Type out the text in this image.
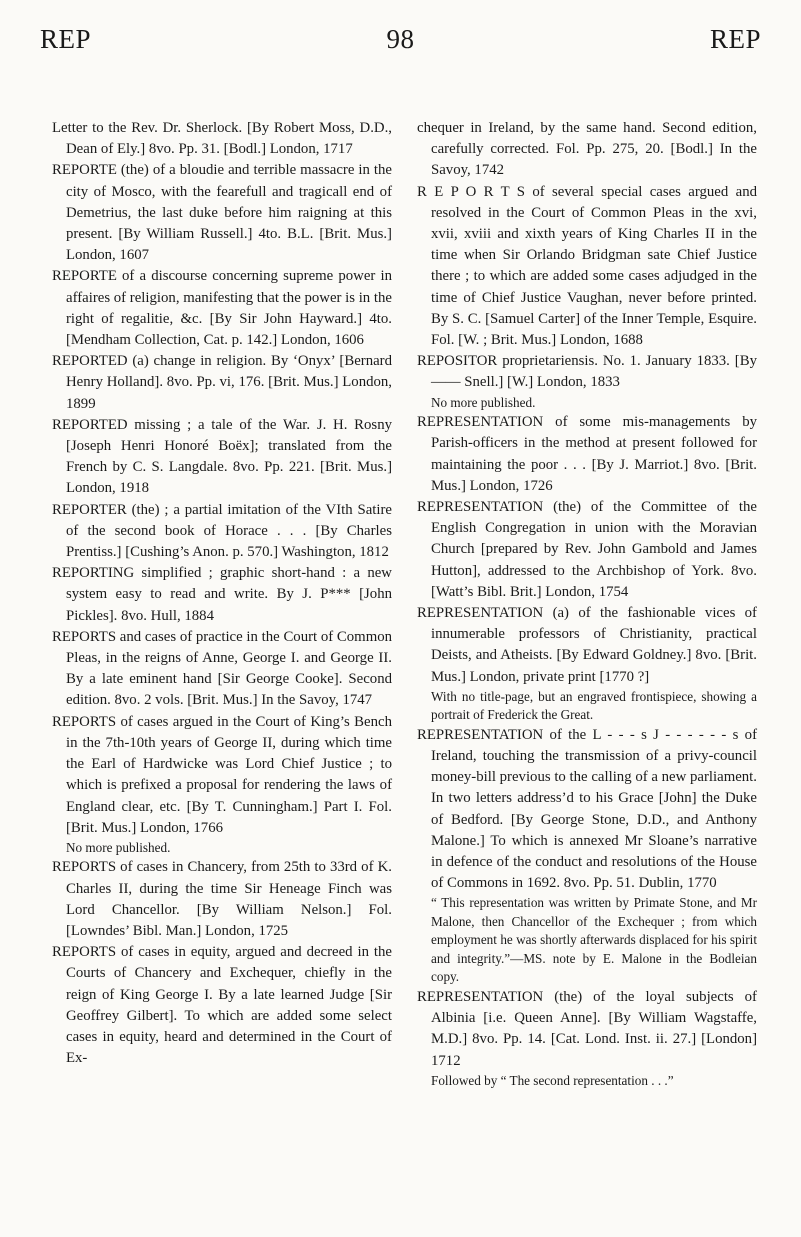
REP	98	REP

Letter to the Rev. Dr. Sherlock. [By Robert Moss, D.D., Dean of Ely.] 8vo. Pp. 31. [Bodl.] London, 1717

REPORTE (the) of a bloudie and terrible massacre in the city of Mosco, with the fearefull and tragicall end of Demetrius, the last duke before him raigning at this present. [By William Russell.] 4to. B.L. [Brit. Mus.] London, 1607

REPORTE of a discourse concerning supreme power in affaires of religion, manifesting that the power is in the right of regalitie, &c. [By Sir John Hayward.] 4to. [Mendham Collection, Cat. p. 142.] London, 1606

REPORTED (a) change in religion. By ‘Onyx’ [Bernard Henry Holland]. 8vo. Pp. vi, 176. [Brit. Mus.] London, 1899

REPORTED missing ; a tale of the War. J. H. Rosny [Joseph Henri Honoré Boëx]; translated from the French by C. S. Langdale. 8vo. Pp. 221. [Brit. Mus.] London, 1918

REPORTER (the) ; a partial imitation of the VIth Satire of the second book of Horace . . . [By Charles Prentiss.] [Cushing’s Anon. p. 570.] Washington, 1812

REPORTING simplified ; graphic short-hand : a new system easy to read and write. By J. P*** [John Pickles]. 8vo. Hull, 1884

REPORTS and cases of practice in the Court of Common Pleas, in the reigns of Anne, George I. and George II. By a late eminent hand [Sir George Cooke]. Second edition. 8vo. 2 vols. [Brit. Mus.] In the Savoy, 1747

REPORTS of cases argued in the Court of King’s Bench in the 7th-10th years of George II, during which time the Earl of Hardwicke was Lord Chief Justice ; to which is prefixed a proposal for rendering the laws of England clear, etc. [By T. Cunningham.] Part I. Fol. [Brit. Mus.] London, 1766

No more published.

REPORTS of cases in Chancery, from 25th to 33rd of K. Charles II, during the time Sir Heneage Finch was Lord Chancellor. [By William Nelson.] Fol. [Lowndes’ Bibl. Man.] London, 1725

REPORTS of cases in equity, argued and decreed in the Courts of Chancery and Exchequer, chiefly in the reign of King George I. By a late learned Judge [Sir Geoffrey Gilbert]. To which are added some select cases in equity, heard and determined in the Court of Ex-

chequer in Ireland, by the same hand. Second edition, carefully corrected. Fol. Pp. 275, 20. [Bodl.] In the Savoy, 1742

R E P O R T S of several special cases argued and resolved in the Court of Common Pleas in the xvi, xvii, xviii and xixth years of King Charles II in the time when Sir Orlando Bridgman sate Chief Justice there ; to which are added some cases adjudged in the time of Chief Justice Vaughan, never before printed. By S. C. [Samuel Carter] of the Inner Temple, Esquire. Fol. [W. ; Brit. Mus.] London, 1688

REPOSITOR proprietariensis. No. 1. January 1833. [By —— Snell.] [W.] London, 1833

No more published.

REPRESENTATION of some mis-managements by Parish-officers in the method at present followed for maintaining the poor . . . [By J. Marriot.] 8vo. [Brit. Mus.] London, 1726

REPRESENTATION (the) of the Committee of the English Congregation in union with the Moravian Church [prepared by Rev. John Gambold and James Hutton], addressed to the Archbishop of York. 8vo. [Watt’s Bibl. Brit.] London, 1754

REPRESENTATION (a) of the fashionable vices of innumerable professors of Christianity, practical Deists, and Atheists. [By Edward Goldney.] 8vo. [Brit. Mus.] London, private print [1770 ?]

With no title-page, but an engraved frontispiece, showing a portrait of Frederick the Great.

REPRESENTATION of the L - - - s J - - - - - - s of Ireland, touching the transmission of a privy-council money-bill previous to the calling of a new parliament. In two letters address’d to his Grace [John] the Duke of Bedford. [By George Stone, D.D., and Anthony Malone.] To which is annexed Mr Sloane’s narrative in defence of the conduct and resolutions of the House of Commons in 1692. 8vo. Pp. 51. Dublin, 1770

“ This representation was written by Primate Stone, and Mr Malone, then Chancellor of the Exchequer ; from which employment he was shortly afterwards displaced for his spirit and integrity.”—MS. note by E. Malone in the Bodleian copy.

REPRESENTATION (the) of the loyal subjects of Albinia [i.e. Queen Anne]. [By William Wagstaffe, M.D.] 8vo. Pp. 14. [Cat. Lond. Inst. ii. 27.] [London] 1712

Followed by “ The second representation . . .”
